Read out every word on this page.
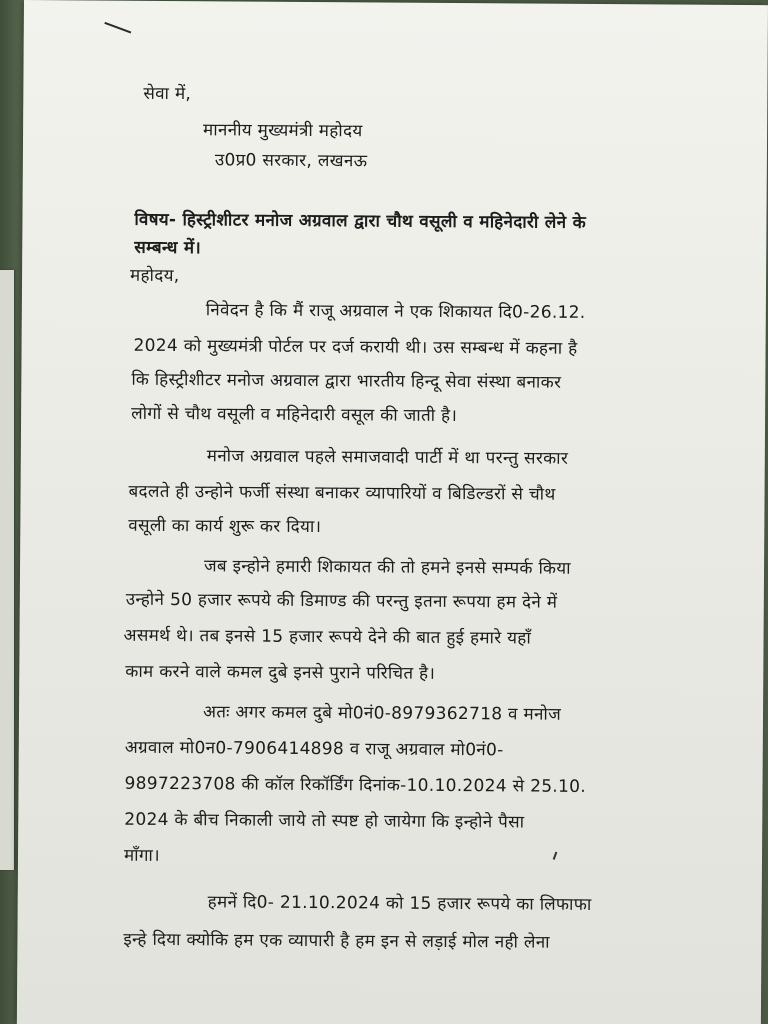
सेवा में,
माननीय मुख्यमंत्री महोदय
उ0प्र0 सरकार, लखनऊ
विषय- हिस्ट्रीशीटर मनोज अग्रवाल द्वारा चौथ वसूली व महिनेदारी लेने के
सम्बन्ध में।
महोदय,
निवेदन है कि मैं राजू अग्रवाल ने एक शिकायत दि0-26.12.
2024 को मुख्यमंत्री पोर्टल पर दर्ज करायी थी। उस सम्बन्ध में कहना है
कि हिस्ट्रीशीटर मनोज अग्रवाल द्वारा भारतीय हिन्दू सेवा संस्था बनाकर
लोगों से चौथ वसूली व महिनेदारी वसूल की जाती है।
मनोज अग्रवाल पहले समाजवादी पार्टी में था परन्तु सरकार
बदलते ही उन्होने फर्जी संस्था बनाकर व्यापारियों व बिडिल्डरों से चौथ
वसूली का कार्य शुरू कर दिया।
जब इन्होने हमारी शिकायत की तो हमने इनसे सम्पर्क किया
उन्होने 50 हजार रूपये की डिमाण्ड की परन्तु इतना रूपया हम देने में
असमर्थ थे। तब इनसे 15 हजार रूपये देने की बात हुई हमारे यहाँ
काम करने वाले कमल दुबे इनसे पुराने परिचित है।
अतः अगर कमल दुबे मो0नं0-8979362718 व मनोज
अग्रवाल मो0न0-7906414898 व राजू अग्रवाल मो0नं0-
9897223708 की कॉल रिकॉर्डिंग दिनांक-10.10.2024 से 25.10.
2024 के बीच निकाली जाये तो स्पष्ट हो जायेगा कि इन्होने पैसा
माँगा।
हमनें दि0- 21.10.2024 को 15 हजार रूपये का लिफाफा
इन्हे दिया क्योकि हम एक व्यापारी है हम इन से लड़ाई मोल नही लेना
